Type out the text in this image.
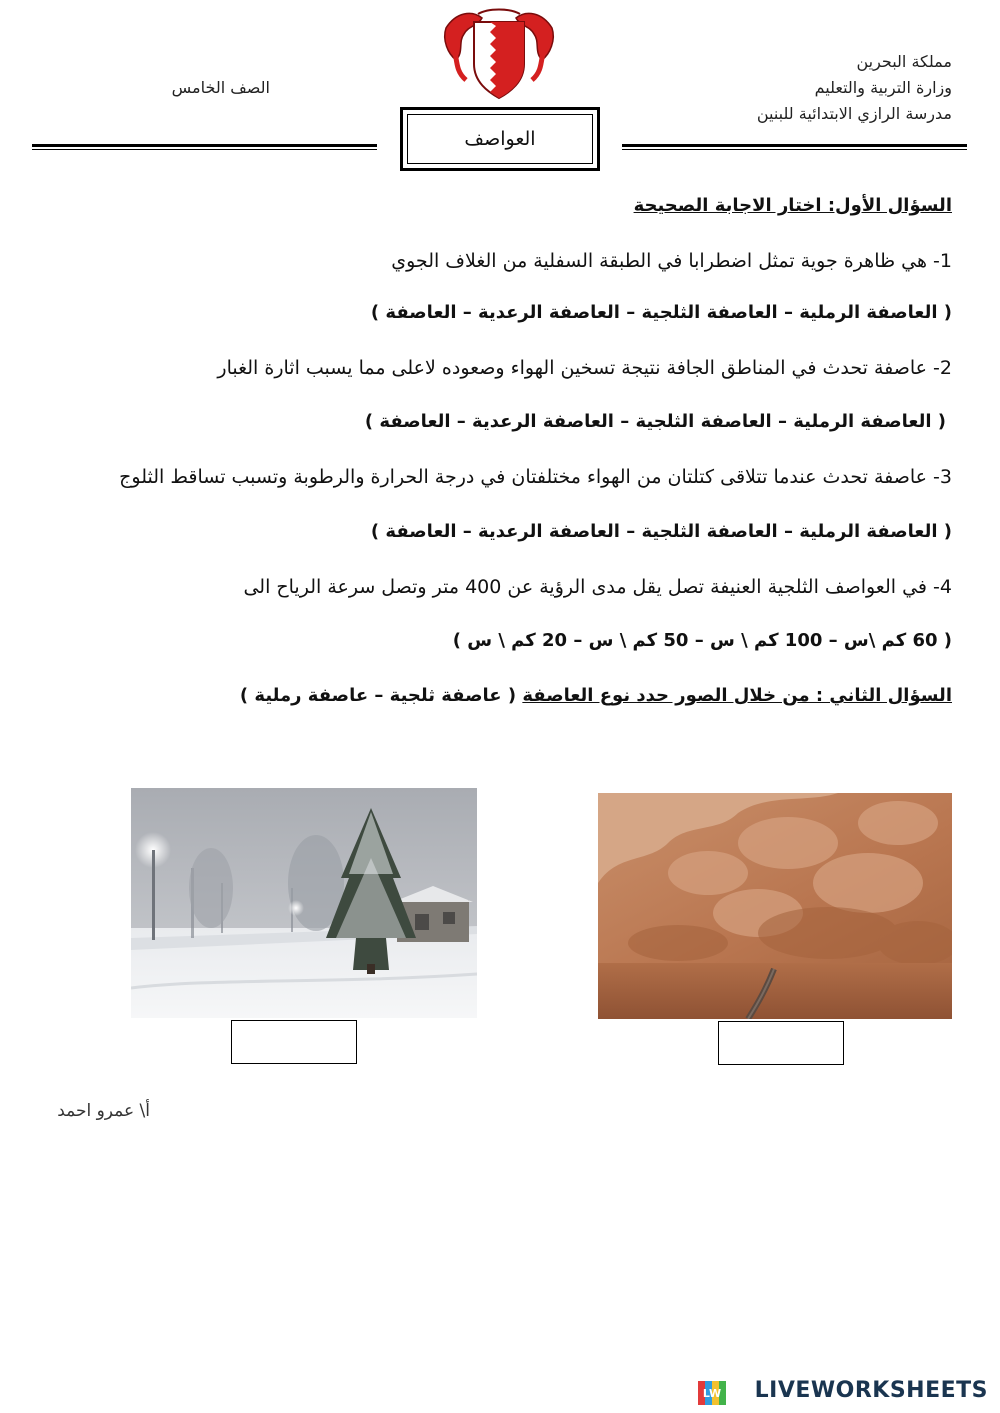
مملكة البحرين
وزارة التربية والتعليم
مدرسة الرازي الابتدائية للبنين
الصف الخامس
العواصف
السؤال الأول: اختار الاجابة الصحيحة
1- هي ظاهرة جوية تمثل اضطرابا في الطبقة السفلية من الغلاف الجوي
( العاصفة الرملية – العاصفة الثلجية – العاصفة الرعدية – العاصفة )
2- عاصفة تحدث في المناطق الجافة نتيجة تسخين الهواء وصعوده لاعلى مما يسبب اثارة الغبار
( العاصفة الرملية – العاصفة الثلجية – العاصفة الرعدية – العاصفة )
3- عاصفة تحدث عندما تتلاقى كتلتان من الهواء مختلفتان في درجة الحرارة والرطوبة وتسبب تساقط الثلوج
( العاصفة الرملية – العاصفة الثلجية – العاصفة الرعدية – العاصفة )
4- في العواصف الثلجية العنيفة تصل يقل مدى الرؤية عن 400 متر وتصل سرعة الرياح الى
( 60 كم \س – 100 كم \ س – 50 كم \ س – 20 كم \ س )
السؤال الثاني : من خلال الصور حدد نوع العاصفة ( عاصفة ثلجية – عاصفة رملية )
أ\ عمرو احمد
LW LIVEWORKSHEETS
